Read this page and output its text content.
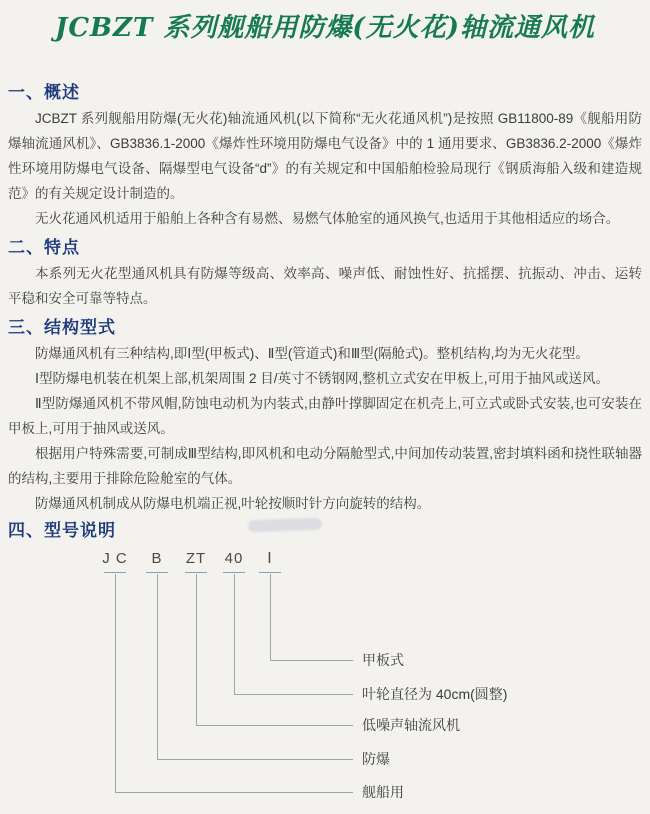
JCBZT 系列舰船用防爆(无火花)轴流通风机
一、概述

JCBZT 系列舰船用防爆(无火花)轴流通风机(以下简称“无火花通风机”)是按照 GB11800-89《舰船用防爆轴流通风机》、GB3836.1-2000《爆炸性环境用防爆电气设备》中的 1 通用要求、GB3836.2-2000《爆炸性环境用防爆电气设备、隔爆型电气设备“d”》的有关规定和中国船舶检验局现行《钢质海船入级和建造规范》的有关规定设计制造的。

无火花通风机适用于船舶上各种含有易燃、易燃气体舱室的通风换气,也适用于其他相适应的场合。

二、特点

本系列无火花型通风机具有防爆等级高、效率高、噪声低、耐蚀性好、抗摇摆、抗振动、冲击、运转平稳和安全可靠等特点。

三、结构型式

防爆通风机有三种结构,即Ⅰ型(甲板式)、Ⅱ型(管道式)和Ⅲ型(隔舱式)。整机结构,均为无火花型。

Ⅰ型防爆电机装在机架上部,机架周围 2 目/英寸不锈钢网,整机立式安在甲板上,可用于抽风或送风。

Ⅱ型防爆通风机不带风帽,防蚀电动机为内装式,由静叶撑脚固定在机壳上,可立式或卧式安装,也可安装在甲板上,可用于抽风或送风。

根据用户特殊需要,可制成Ⅲ型结构,即风机和电动分隔舱型式,中间加传动装置,密封填料函和挠性联轴器的结构,主要用于排除危险舱室的气体。

防爆通风机制成从防爆电机端正视,叶轮按顺时针方向旋转的结构。

四、型号说明
J C	B	ZT	40	Ⅰ
甲板式
叶轮直径为 40cm(圆整)
低噪声轴流风机
防爆
舰船用
